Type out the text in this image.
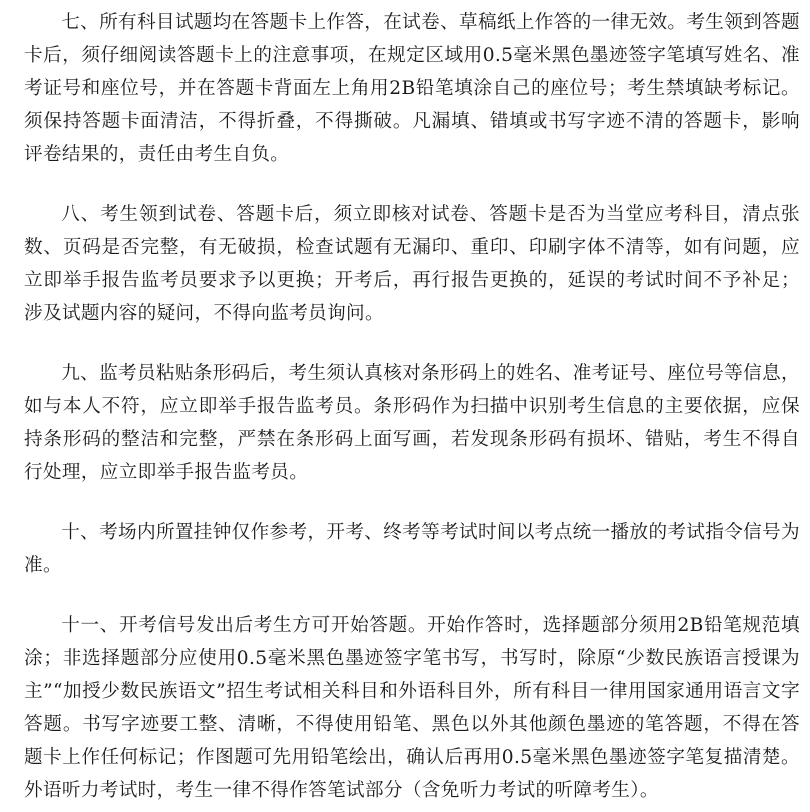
七、所有科目试题均在答题卡上作答，在试卷、草稿纸上作答的一律无效。考生领到答题卡后，须仔细阅读答题卡上的注意事项，在规定区域用0.5毫米黑色墨迹签字笔填写姓名、准考证号和座位号，并在答题卡背面左上角用2B铅笔填涂自己的座位号；考生禁填缺考标记。须保持答题卡面清洁，不得折叠，不得撕破。凡漏填、错填或书写字迹不清的答题卡，影响评卷结果的，责任由考生自负。

八、考生领到试卷、答题卡后，须立即核对试卷、答题卡是否为当堂应考科目，清点张数、页码是否完整，有无破损，检查试题有无漏印、重印、印刷字体不清等，如有问题，应立即举手报告监考员要求予以更换；开考后，再行报告更换的，延误的考试时间不予补足；涉及试题内容的疑问，不得向监考员询问。

九、监考员粘贴条形码后，考生须认真核对条形码上的姓名、准考证号、座位号等信息，如与本人不符，应立即举手报告监考员。条形码作为扫描中识别考生信息的主要依据，应保持条形码的整洁和完整，严禁在条形码上面写画，若发现条形码有损坏、错贴，考生不得自行处理，应立即举手报告监考员。

十、考场内所置挂钟仅作参考，开考、终考等考试时间以考点统一播放的考试指令信号为准。

十一、开考信号发出后考生方可开始答题。开始作答时，选择题部分须用2B铅笔规范填涂；非选择题部分应使用0.5毫米黑色墨迹签字笔书写，书写时，除原“少数民族语言授课为主”“加授少数民族语文”招生考试相关科目和外语科目外，所有科目一律用国家通用语言文字答题。书写字迹要工整、清晰，不得使用铅笔、黑色以外其他颜色墨迹的笔答题，不得在答题卡上作任何标记；作图题可先用铅笔绘出，确认后再用0.5毫米黑色墨迹签字笔复描清楚。外语听力考试时，考生一律不得作答笔试部分（含免听力考试的听障考生）。
